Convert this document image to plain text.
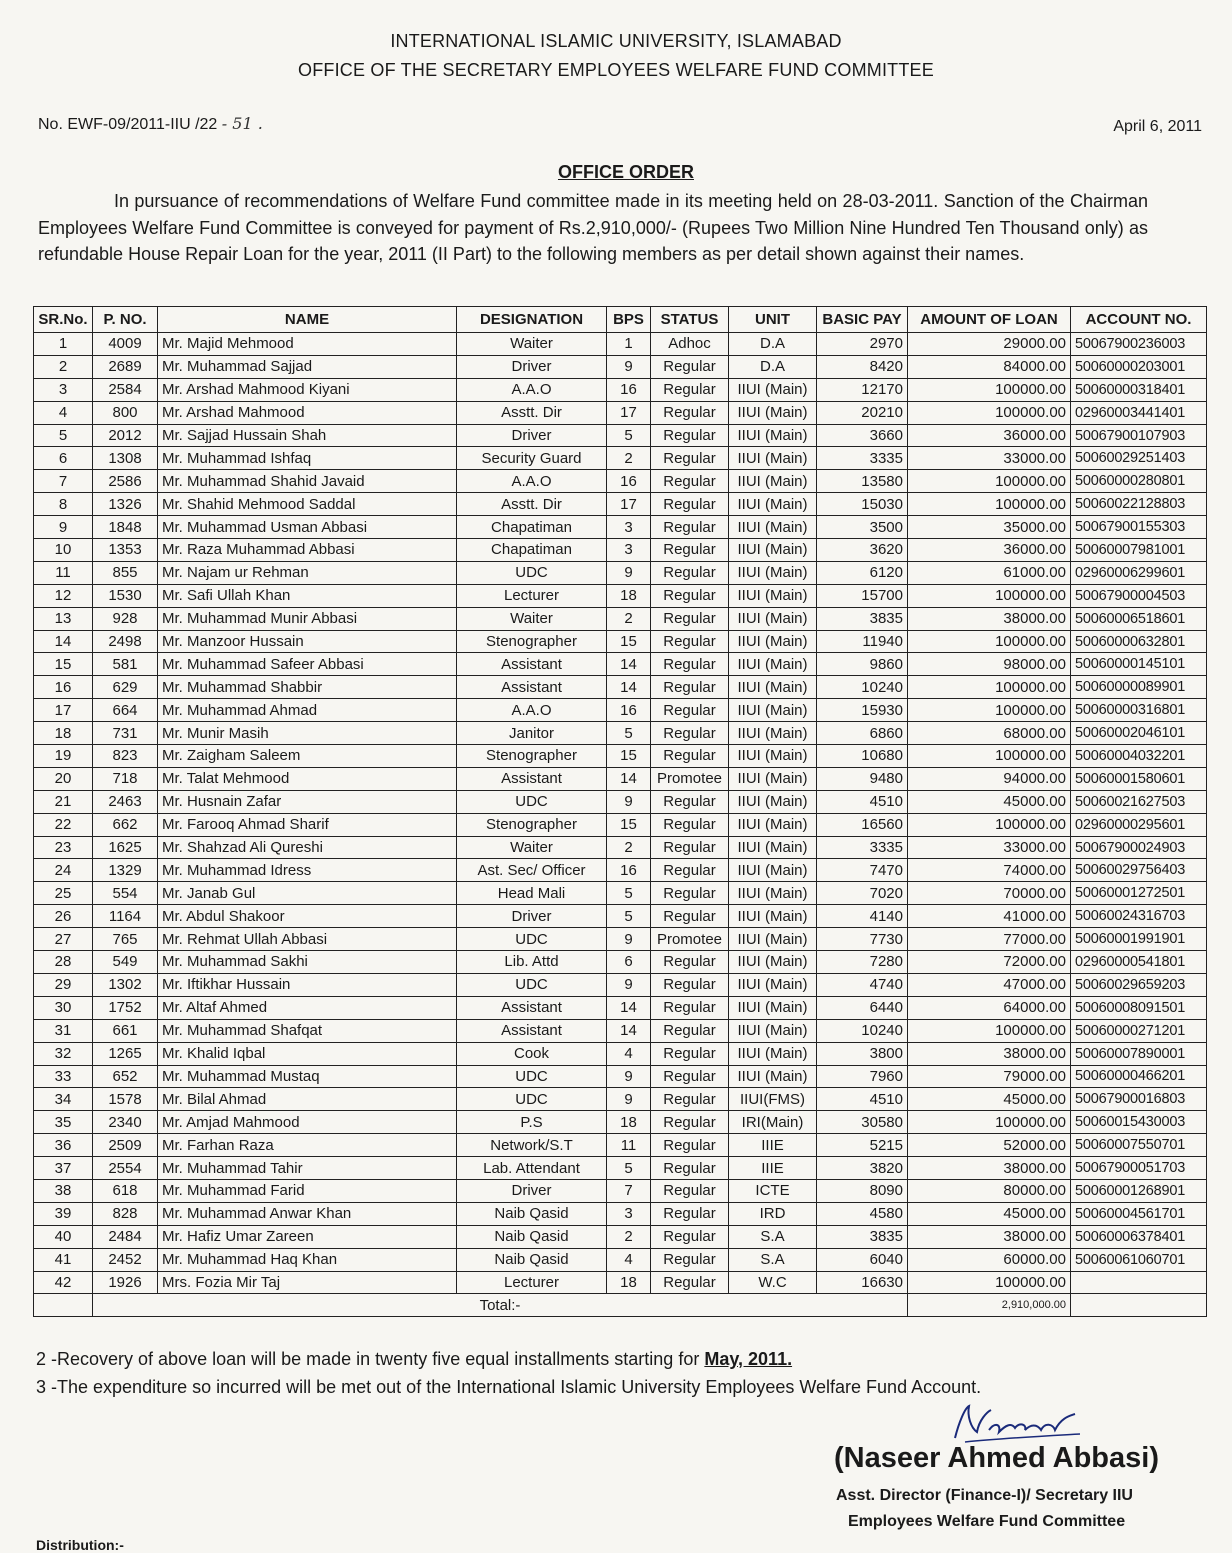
INTERNATIONAL ISLAMIC UNIVERSITY, ISLAMABAD
OFFICE OF THE SECRETARY EMPLOYEES WELFARE FUND COMMITTEE
No. EWF-09/2011-IIU /22 - 51 .	April 6, 2011
OFFICE ORDER
In pursuance of recommendations of Welfare Fund committee made in its meeting held on 28-03-2011. Sanction of the Chairman Employees Welfare Fund Committee is conveyed for payment of Rs.2,910,000/- (Rupees Two Million Nine Hundred Ten Thousand only) as refundable House Repair Loan for the year, 2011 (II Part) to the following members as per detail shown against their names.
SR.No.	P. NO.	NAME	DESIGNATION	BPS	STATUS	UNIT	BASIC PAY	AMOUNT OF LOAN	ACCOUNT NO.
1	4009	Mr. Majid Mehmood	Waiter	1	Adhoc	D.A	2970	29000.00	50067900236003
2	2689	Mr. Muhammad Sajjad	Driver	9	Regular	D.A	8420	84000.00	50060000203001
3	2584	Mr. Arshad Mahmood Kiyani	A.A.O	16	Regular	IIUI (Main)	12170	100000.00	50060000318401
4	800	Mr. Arshad Mahmood	Asstt. Dir	17	Regular	IIUI (Main)	20210	100000.00	02960003441401
5	2012	Mr. Sajjad Hussain Shah	Driver	5	Regular	IIUI (Main)	3660	36000.00	50067900107903
6	1308	Mr. Muhammad Ishfaq	Security Guard	2	Regular	IIUI (Main)	3335	33000.00	50060029251403
7	2586	Mr. Muhammad Shahid Javaid	A.A.O	16	Regular	IIUI (Main)	13580	100000.00	50060000280801
8	1326	Mr. Shahid Mehmood Saddal	Asstt. Dir	17	Regular	IIUI (Main)	15030	100000.00	50060022128803
9	1848	Mr. Muhammad Usman Abbasi	Chapatiman	3	Regular	IIUI (Main)	3500	35000.00	50067900155303
10	1353	Mr. Raza Muhammad Abbasi	Chapatiman	3	Regular	IIUI (Main)	3620	36000.00	50060007981001
11	855	Mr. Najam ur Rehman	UDC	9	Regular	IIUI (Main)	6120	61000.00	02960006299601
12	1530	Mr. Safi Ullah Khan	Lecturer	18	Regular	IIUI (Main)	15700	100000.00	50067900004503
13	928	Mr. Muhammad Munir Abbasi	Waiter	2	Regular	IIUI (Main)	3835	38000.00	50060006518601
14	2498	Mr. Manzoor Hussain	Stenographer	15	Regular	IIUI (Main)	11940	100000.00	50060000632801
15	581	Mr. Muhammad Safeer Abbasi	Assistant	14	Regular	IIUI (Main)	9860	98000.00	50060000145101
16	629	Mr. Muhammad Shabbir	Assistant	14	Regular	IIUI (Main)	10240	100000.00	50060000089901
17	664	Mr. Muhammad Ahmad	A.A.O	16	Regular	IIUI (Main)	15930	100000.00	50060000316801
18	731	Mr. Munir Masih	Janitor	5	Regular	IIUI (Main)	6860	68000.00	50060002046101
19	823	Mr. Zaigham Saleem	Stenographer	15	Regular	IIUI (Main)	10680	100000.00	50060004032201
20	718	Mr. Talat Mehmood	Assistant	14	Promotee	IIUI (Main)	9480	94000.00	50060001580601
21	2463	Mr. Husnain Zafar	UDC	9	Regular	IIUI (Main)	4510	45000.00	50060021627503
22	662	Mr. Farooq Ahmad Sharif	Stenographer	15	Regular	IIUI (Main)	16560	100000.00	02960000295601
23	1625	Mr. Shahzad Ali Qureshi	Waiter	2	Regular	IIUI (Main)	3335	33000.00	50067900024903
24	1329	Mr. Muhammad Idress	Ast. Sec/ Officer	16	Regular	IIUI (Main)	7470	74000.00	50060029756403
25	554	Mr. Janab Gul	Head Mali	5	Regular	IIUI (Main)	7020	70000.00	50060001272501
26	1164	Mr. Abdul Shakoor	Driver	5	Regular	IIUI (Main)	4140	41000.00	50060024316703
27	765	Mr. Rehmat Ullah Abbasi	UDC	9	Promotee	IIUI (Main)	7730	77000.00	50060001991901
28	549	Mr. Muhammad Sakhi	Lib. Attd	6	Regular	IIUI (Main)	7280	72000.00	02960000541801
29	1302	Mr. Iftikhar Hussain	UDC	9	Regular	IIUI (Main)	4740	47000.00	50060029659203
30	1752	Mr. Altaf Ahmed	Assistant	14	Regular	IIUI (Main)	6440	64000.00	50060008091501
31	661	Mr. Muhammad Shafqat	Assistant	14	Regular	IIUI (Main)	10240	100000.00	50060000271201
32	1265	Mr. Khalid Iqbal	Cook	4	Regular	IIUI (Main)	3800	38000.00	50060007890001
33	652	Mr. Muhammad Mustaq	UDC	9	Regular	IIUI (Main)	7960	79000.00	50060000466201
34	1578	Mr. Bilal Ahmad	UDC	9	Regular	IIUI(FMS)	4510	45000.00	50067900016803
35	2340	Mr. Amjad Mahmood	P.S	18	Regular	IRI(Main)	30580	100000.00	50060015430003
36	2509	Mr. Farhan Raza	Network/S.T	11	Regular	IIIE	5215	52000.00	50060007550701
37	2554	Mr. Muhammad Tahir	Lab. Attendant	5	Regular	IIIE	3820	38000.00	50067900051703
38	618	Mr. Muhammad Farid	Driver	7	Regular	ICTE	8090	80000.00	50060001268901
39	828	Mr. Muhammad Anwar Khan	Naib Qasid	3	Regular	IRD	4580	45000.00	50060004561701
40	2484	Mr. Hafiz Umar Zareen	Naib Qasid	2	Regular	S.A	3835	38000.00	50060006378401
41	2452	Mr. Muhammad Haq Khan	Naib Qasid	4	Regular	S.A	6040	60000.00	50060061060701
42	1926	Mrs. Fozia Mir Taj	Lecturer	18	Regular	W.C	16630	100000.00	
	Total:-							2,910,000.00	
2 -Recovery of above loan will be made in twenty five equal installments starting for May, 2011.
3 -The expenditure so incurred will be met out of the International Islamic University Employees Welfare Fund Account.
(Naseer Ahmed Abbasi)
Asst. Director (Finance-I)/ Secretary IIU
Employees Welfare Fund Committee
Distribution:-
